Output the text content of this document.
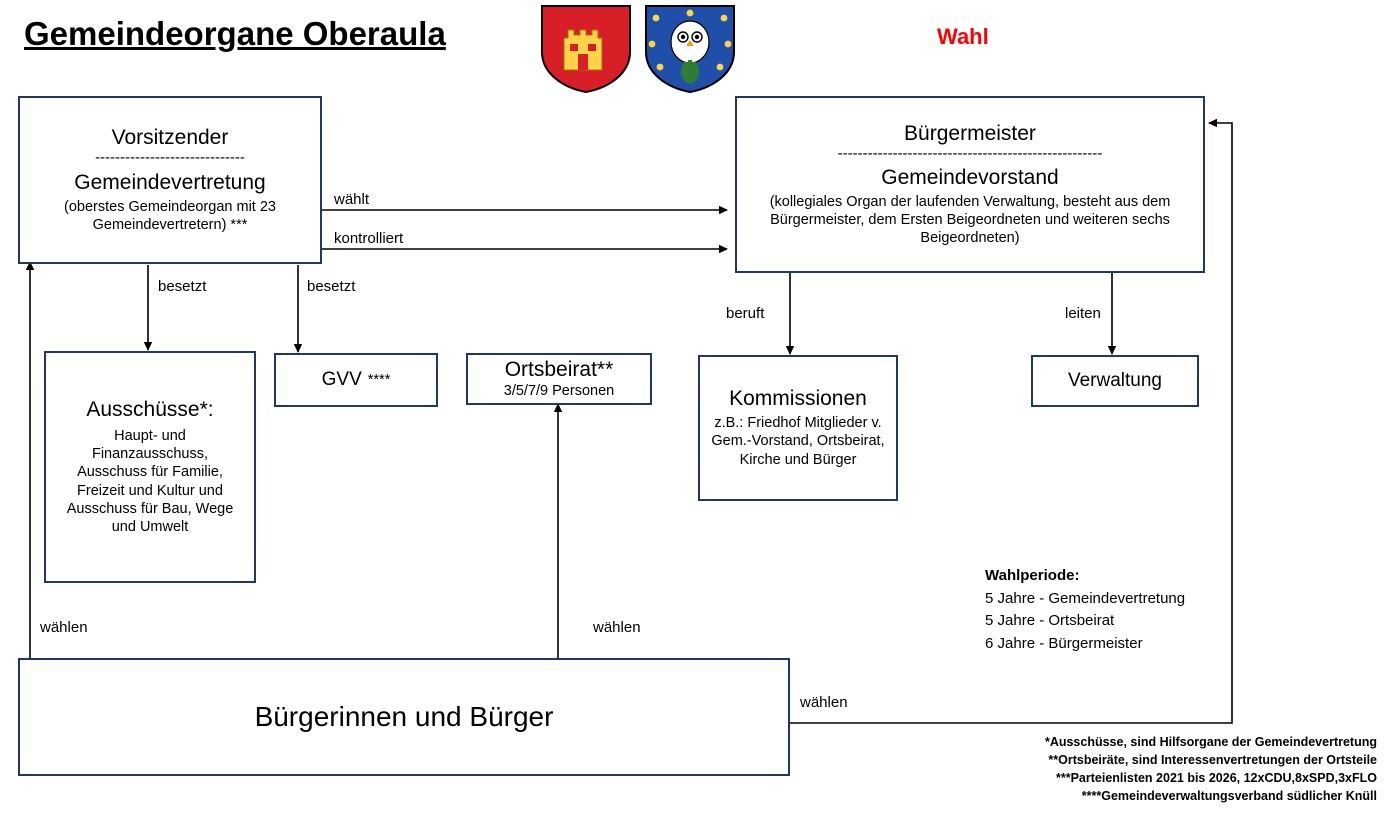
Gemeindeorgane Oberaula	Wahl
wählt
kontrolliert
besetzt	besetzt
beruft	leiten
wählen	wählen
wählen
Vorsitzender
------------------------------
Gemeindevertretung
(oberstes Gemeindeorgan mit 23 Gemeindevertretern) ***
Bürgermeister
-----------------------------------------------------
Gemeindevorstand
(kollegiales Organ der laufenden Verwaltung, besteht aus dem Bürgermeister, dem Ersten Beigeordneten und weiteren sechs Beigeordneten)
Ausschüsse*:
Haupt- und Finanzausschuss, Ausschuss für Familie, Freizeit und Kultur und Ausschuss für Bau, Wege und Umwelt
GVV ****	Ortsbeirat**
3/5/7/9 Personen	Kommissionen
z.B.: Friedhof Mitglieder v. Gem.-Vorstand, Ortsbeirat, Kirche und Bürger
Verwaltung
Bürgerinnen und Bürger
Wahlperiode:
5 Jahre - Gemeindevertretung
5 Jahre - Ortsbeirat
6 Jahre - Bürgermeister
*Ausschüsse, sind Hilfsorgane der Gemeindevertretung
**Ortsbeiräte, sind Interessenvertretungen der Ortsteile
***Parteienlisten 2021 bis 2026, 12xCDU,8xSPD,3xFLO
****Gemeindeverwaltungsverband südlicher Knüll
